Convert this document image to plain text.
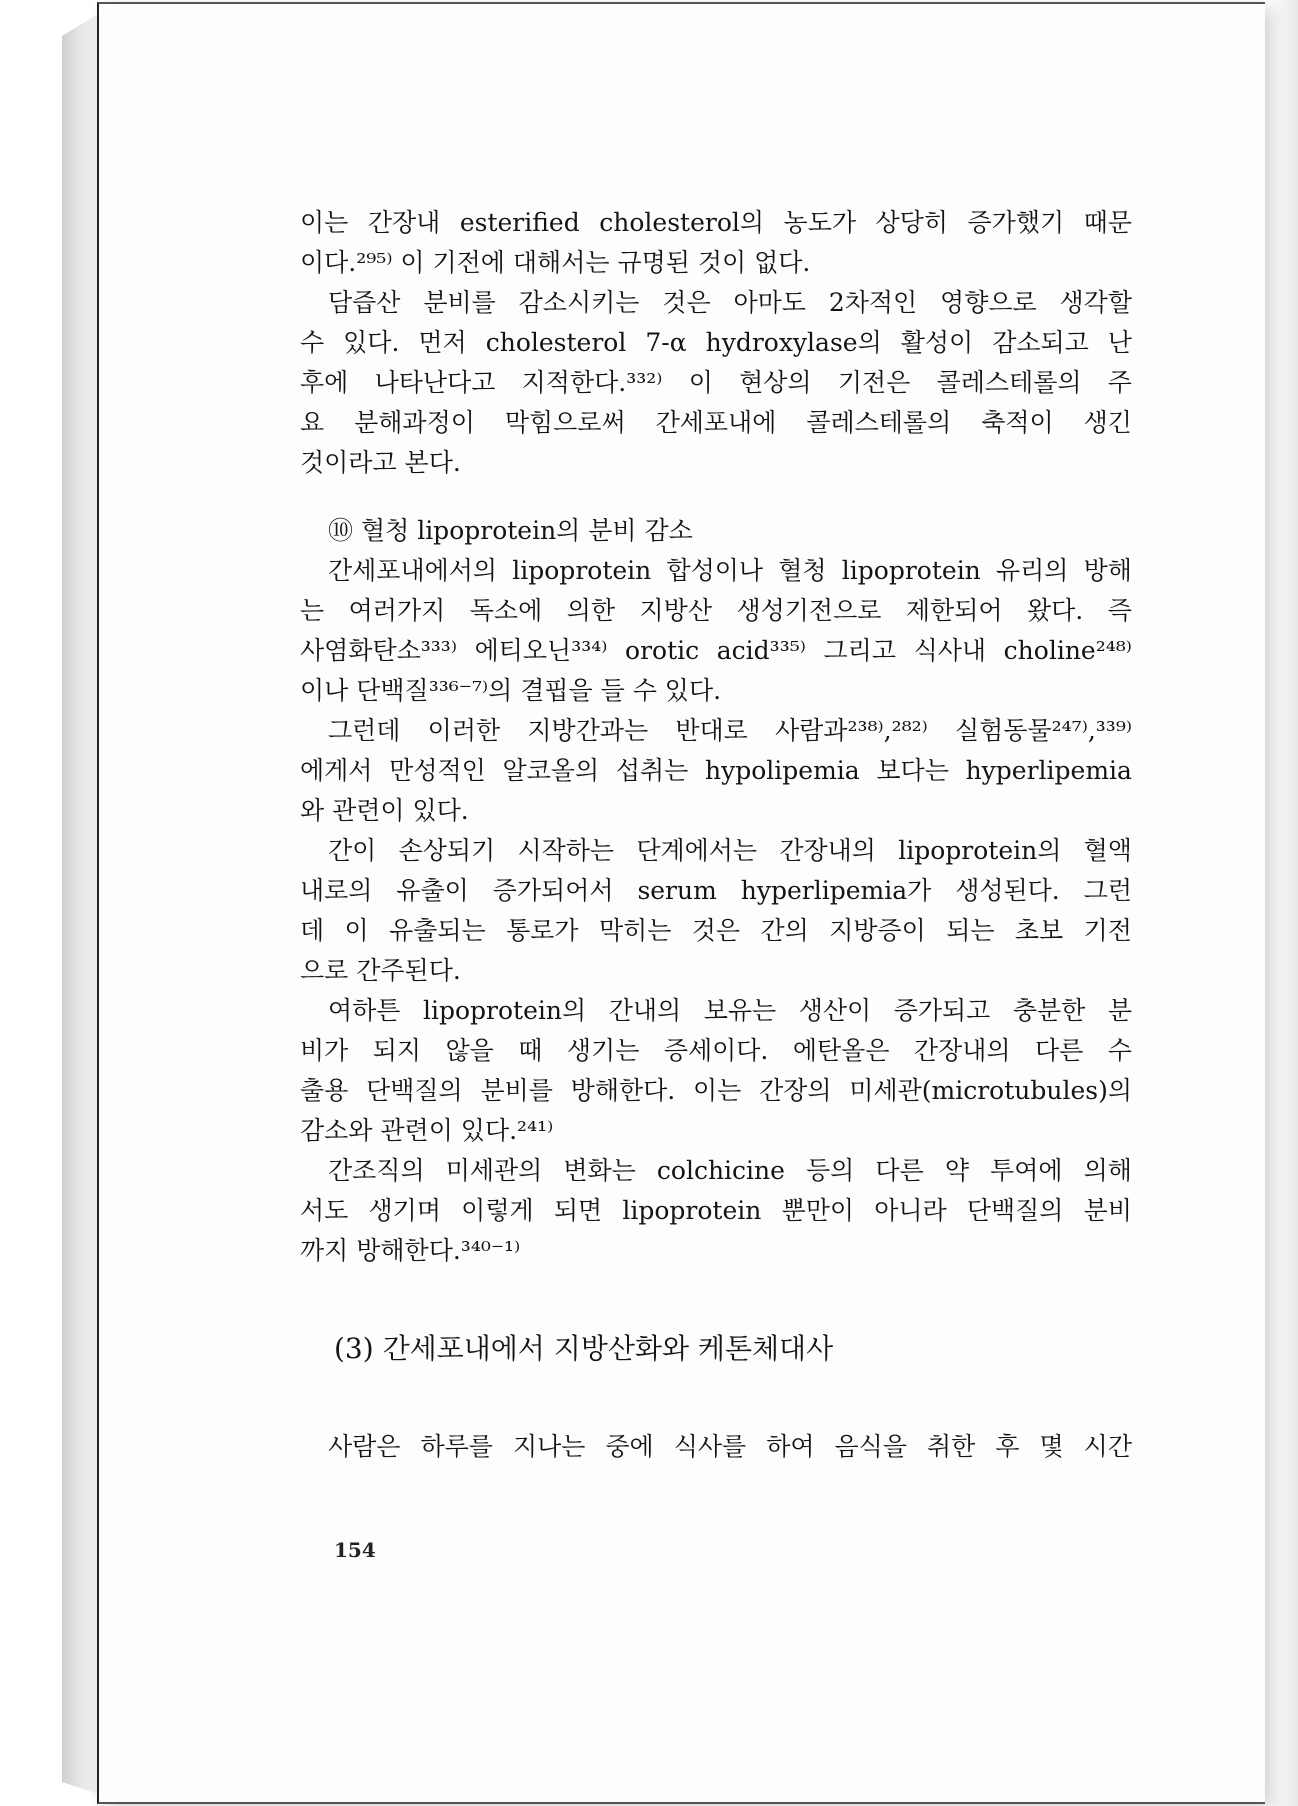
이는 간장내 esterified cholesterol의 농도가 상당히 증가했기 때문
이다.²⁹⁵⁾ 이 기전에 대해서는 규명된 것이 없다.
담즙산 분비를 감소시키는 것은 아마도 2차적인 영향으로 생각할
수 있다. 먼저 cholesterol 7-α hydroxylase의 활성이 감소되고 난
후에 나타난다고 지적한다.³³²⁾ 이 현상의 기전은 콜레스테롤의 주
요 분해과정이 막힘으로써 간세포내에 콜레스테롤의 축적이 생긴
것이라고 본다.
⑩ 혈청 lipoprotein의 분비 감소
간세포내에서의 lipoprotein 합성이나 혈청 lipoprotein 유리의 방해
는 여러가지 독소에 의한 지방산 생성기전으로 제한되어 왔다. 즉
사염화탄소³³³⁾ 에티오닌³³⁴⁾ orotic acid³³⁵⁾ 그리고 식사내 choline²⁴⁸⁾
이나 단백질³³⁶⁻⁷⁾의 결핍을 들 수 있다.
그런데 이러한 지방간과는 반대로 사람과²³⁸⁾,²⁸²⁾ 실험동물²⁴⁷⁾,³³⁹⁾
에게서 만성적인 알코올의 섭취는 hypolipemia 보다는 hyperlipemia
와 관련이 있다.
간이 손상되기 시작하는 단계에서는 간장내의 lipoprotein의 혈액
내로의 유출이 증가되어서 serum hyperlipemia가 생성된다. 그런
데 이 유출되는 통로가 막히는 것은 간의 지방증이 되는 초보 기전
으로 간주된다.
여하튼 lipoprotein의 간내의 보유는 생산이 증가되고 충분한 분
비가 되지 않을 때 생기는 증세이다. 에탄올은 간장내의 다른 수
출용 단백질의 분비를 방해한다. 이는 간장의 미세관(microtubules)의
감소와 관련이 있다.²⁴¹⁾
간조직의 미세관의 변화는 colchicine 등의 다른 약 투여에 의해
서도 생기며 이렇게 되면 lipoprotein 뿐만이 아니라 단백질의 분비
까지 방해한다.³⁴⁰⁻¹⁾
(3) 간세포내에서 지방산화와 케톤체대사
사람은 하루를 지나는 중에 식사를 하여 음식을 취한 후 몇 시간
154
